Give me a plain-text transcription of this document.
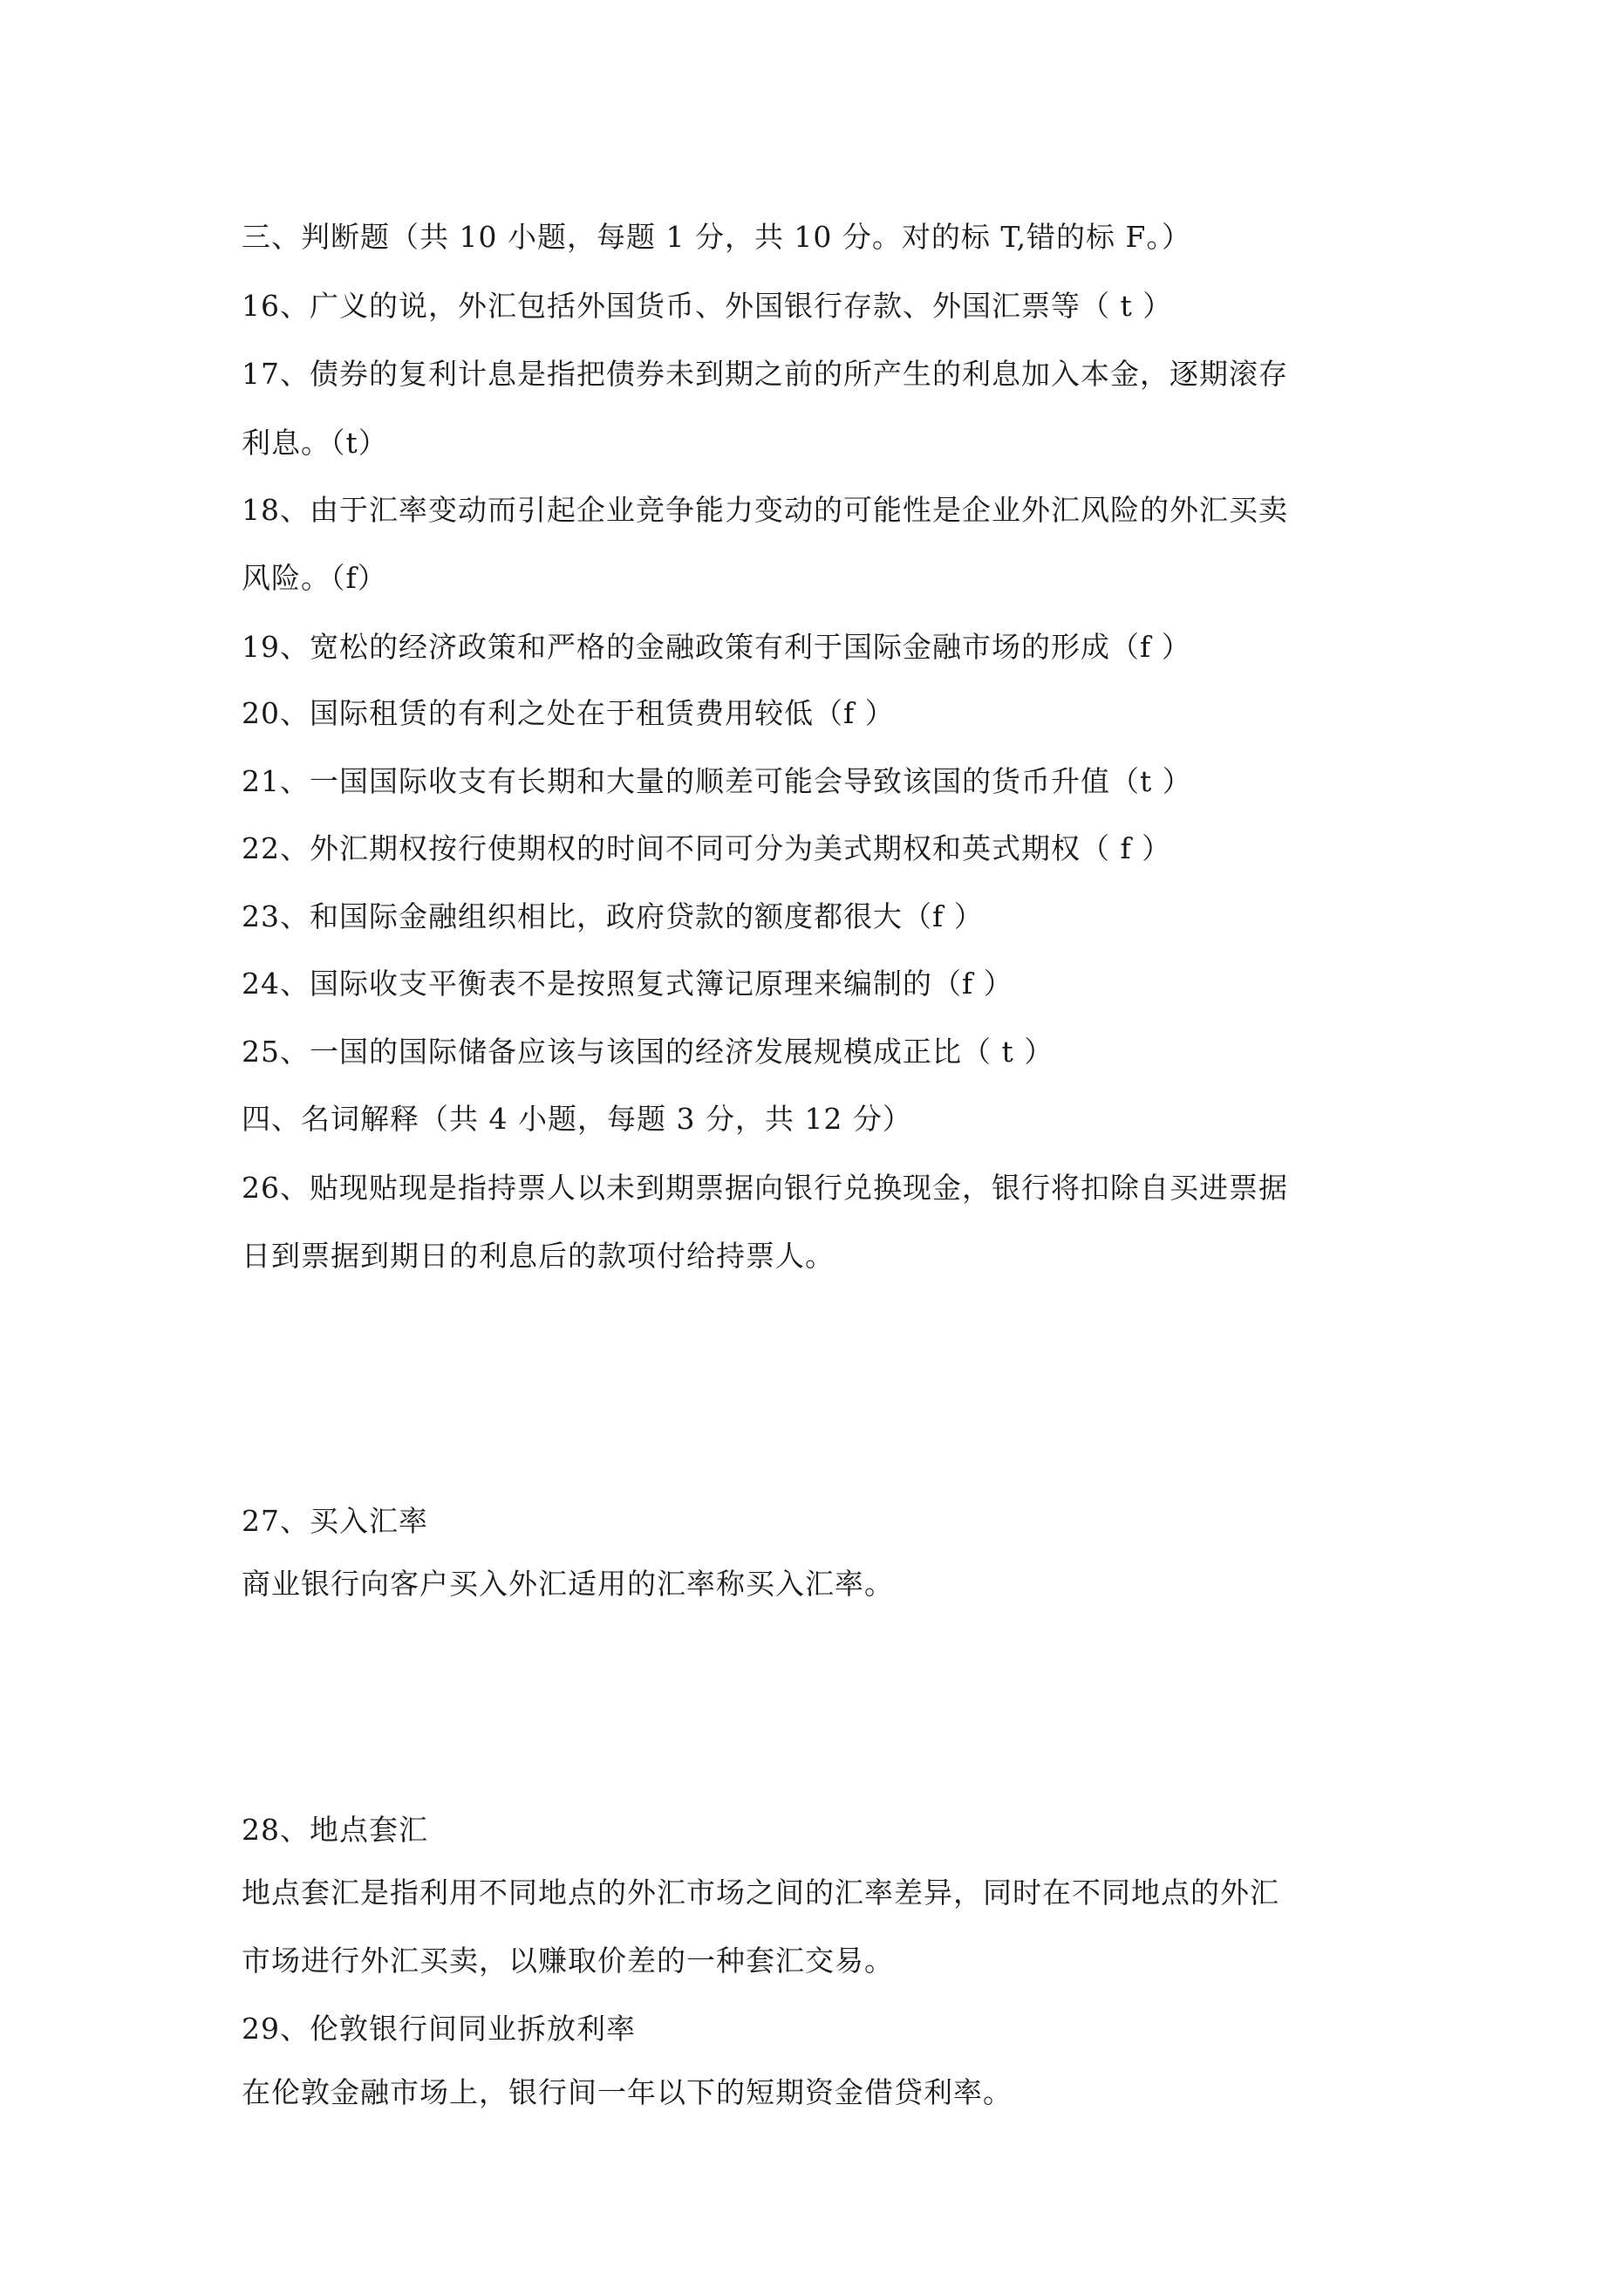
三、判断题（共 10 小题，每题 1 分，共 10 分。对的标 T,错的标 F。）
16、广义的说，外汇包括外国货币、外国银行存款、外国汇票等（ t ）
17、债券的复利计息是指把债券未到期之前的所产生的利息加入本金，逐期滚存
利息。（t）
18、由于汇率变动而引起企业竞争能力变动的可能性是企业外汇风险的外汇买卖
风险。（f）
19、宽松的经济政策和严格的金融政策有利于国际金融市场的形成（f ）
20、国际租赁的有利之处在于租赁费用较低（f ）
21、一国国际收支有长期和大量的顺差可能会导致该国的货币升值（t ）
22、外汇期权按行使期权的时间不同可分为美式期权和英式期权（ f ）
23、和国际金融组织相比，政府贷款的额度都很大（f ）
24、国际收支平衡表不是按照复式簿记原理来编制的（f ）
25、一国的国际储备应该与该国的经济发展规模成正比（ t ）
四、名词解释（共 4 小题，每题 3 分，共 12 分）
26、贴现贴现是指持票人以未到期票据向银行兑换现金，银行将扣除自买进票据
日到票据到期日的利息后的款项付给持票人。
27、买入汇率
商业银行向客户买入外汇适用的汇率称买入汇率。
28、地点套汇
地点套汇是指利用不同地点的外汇市场之间的汇率差异，同时在不同地点的外汇
市场进行外汇买卖，以赚取价差的一种套汇交易。
29、伦敦银行间同业拆放利率
在伦敦金融市场上，银行间一年以下的短期资金借贷利率。
